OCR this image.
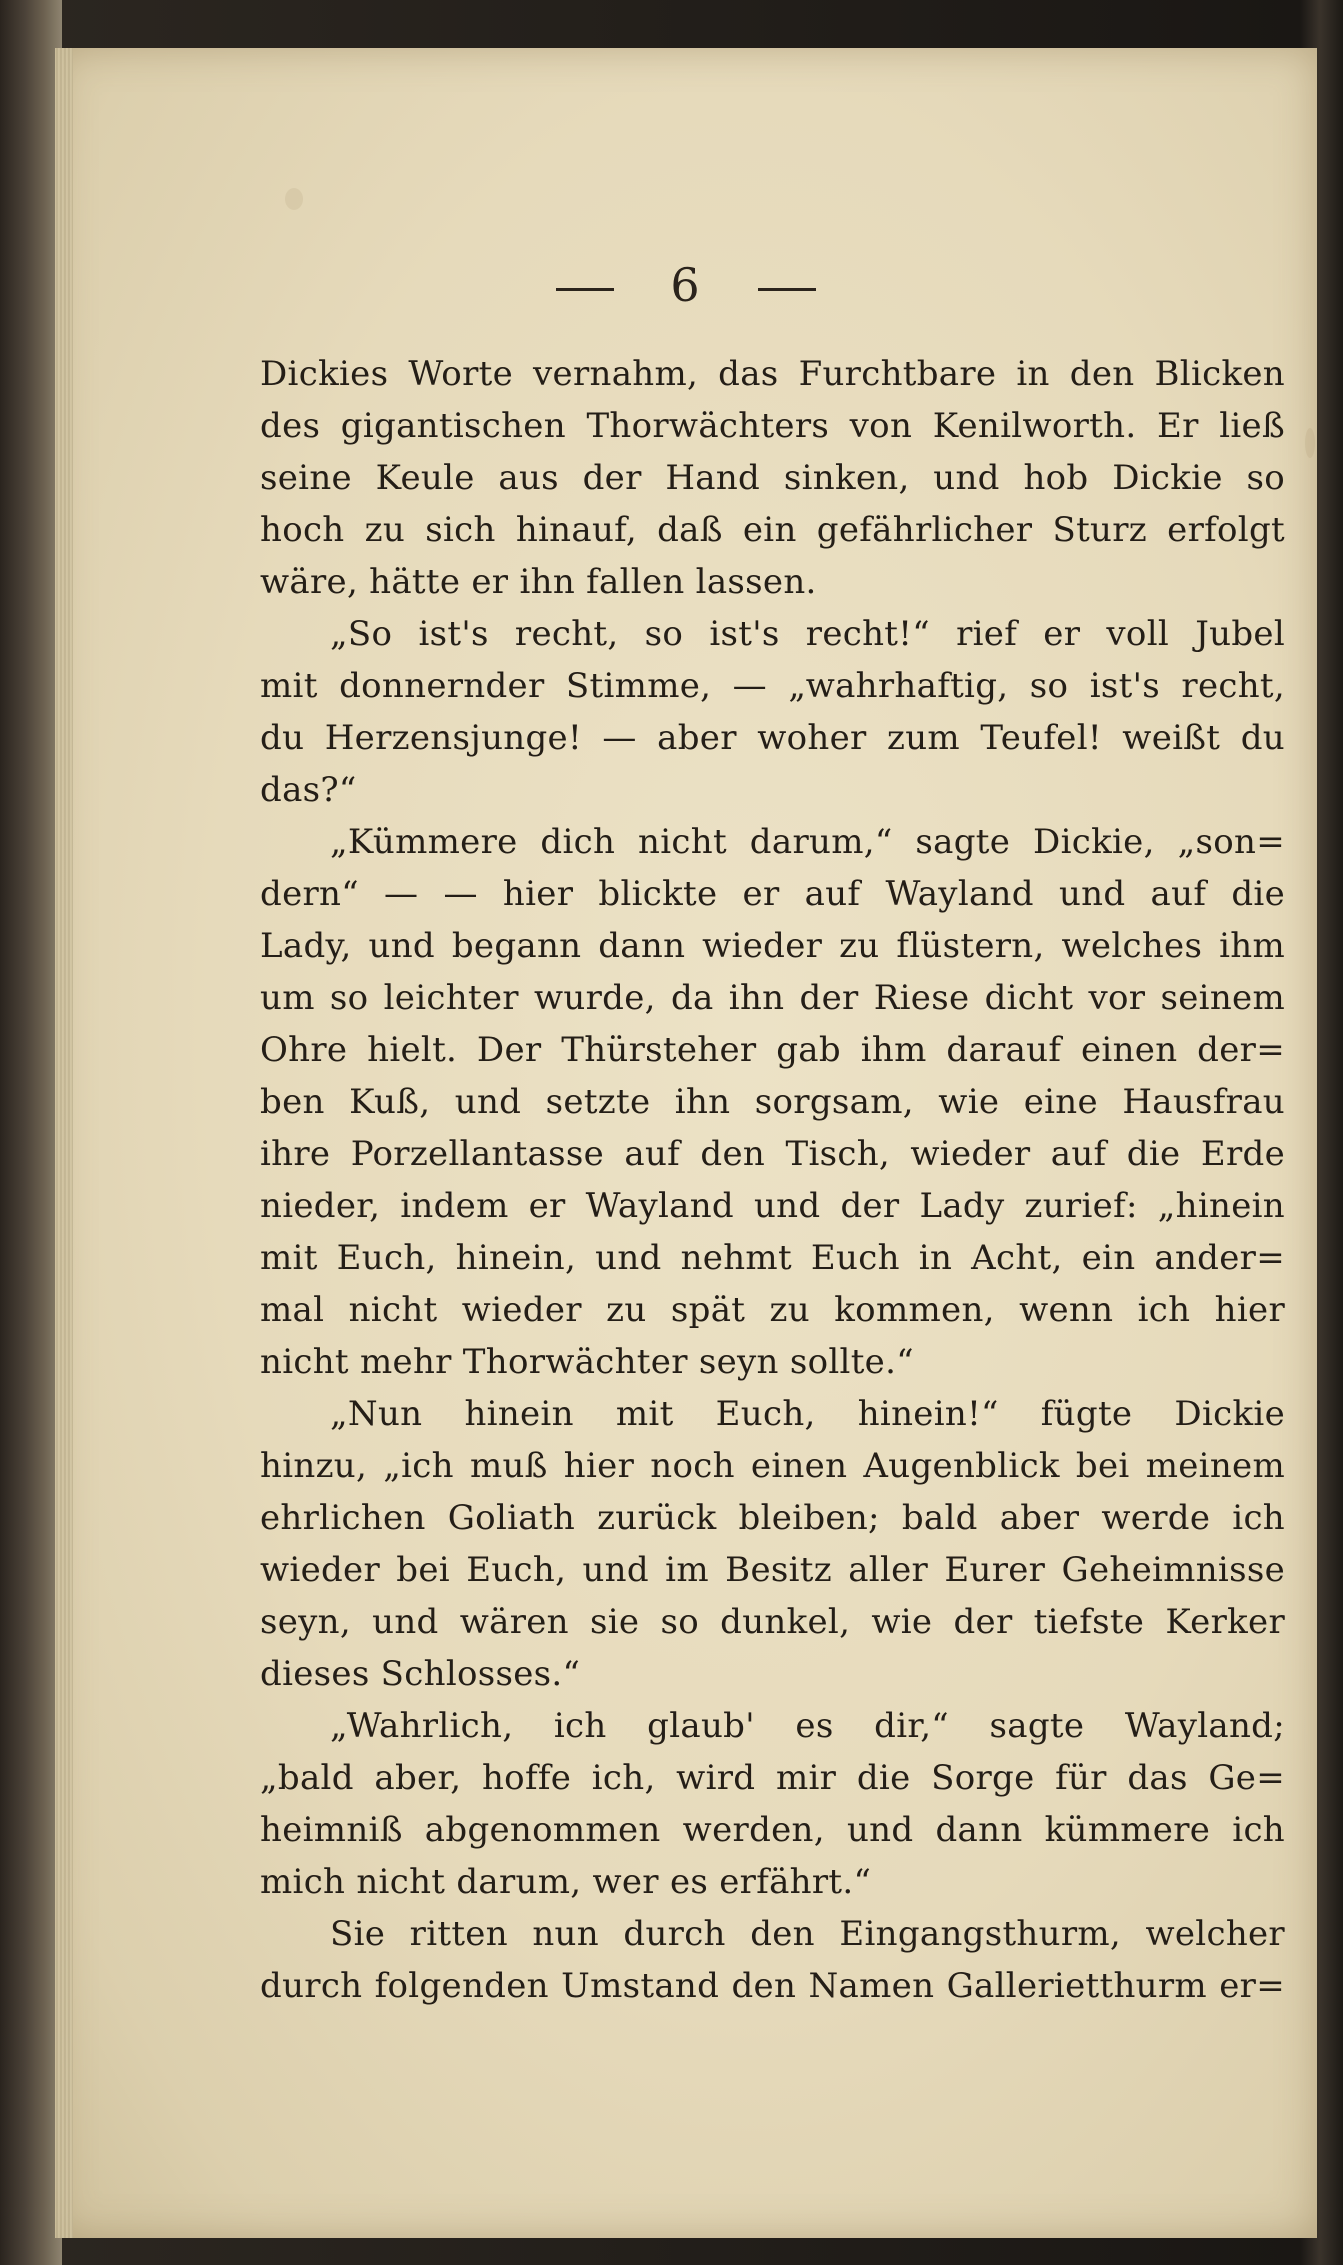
6
Dickies Worte vernahm, das Furchtbare in den Blicken
des gigantischen Thorwächters von Kenilworth. Er ließ
seine Keule aus der Hand sinken, und hob Dickie so
hoch zu sich hinauf, daß ein gefährlicher Sturz erfolgt
wäre, hätte er ihn fallen lassen.
„So ist's recht, so ist's recht!“ rief er voll Jubel
mit donnernder Stimme, — „wahrhaftig, so ist's recht,
du Herzensjunge! — aber woher zum Teufel! weißt du
das?“
„Kümmere dich nicht darum,“ sagte Dickie, „son=
dern“ — — hier blickte er auf Wayland und auf die
Lady, und begann dann wieder zu flüstern, welches ihm
um so leichter wurde, da ihn der Riese dicht vor seinem
Ohre hielt. Der Thürsteher gab ihm darauf einen der=
ben Kuß, und setzte ihn sorgsam, wie eine Hausfrau
ihre Porzellantasse auf den Tisch, wieder auf die Erde
nieder, indem er Wayland und der Lady zurief: „hinein
mit Euch, hinein, und nehmt Euch in Acht, ein ander=
mal nicht wieder zu spät zu kommen, wenn ich hier
nicht mehr Thorwächter seyn sollte.“
„Nun hinein mit Euch, hinein!“ fügte Dickie
hinzu, „ich muß hier noch einen Augenblick bei meinem
ehrlichen Goliath zurück bleiben; bald aber werde ich
wieder bei Euch, und im Besitz aller Eurer Geheimnisse
seyn, und wären sie so dunkel, wie der tiefste Kerker
dieses Schlosses.“
„Wahrlich, ich glaub' es dir,“ sagte Wayland;
„bald aber, hoffe ich, wird mir die Sorge für das Ge=
heimniß abgenommen werden, und dann kümmere ich
mich nicht darum, wer es erfährt.“
Sie ritten nun durch den Eingangsthurm, welcher
durch folgenden Umstand den Namen Gallerietthurm er=
